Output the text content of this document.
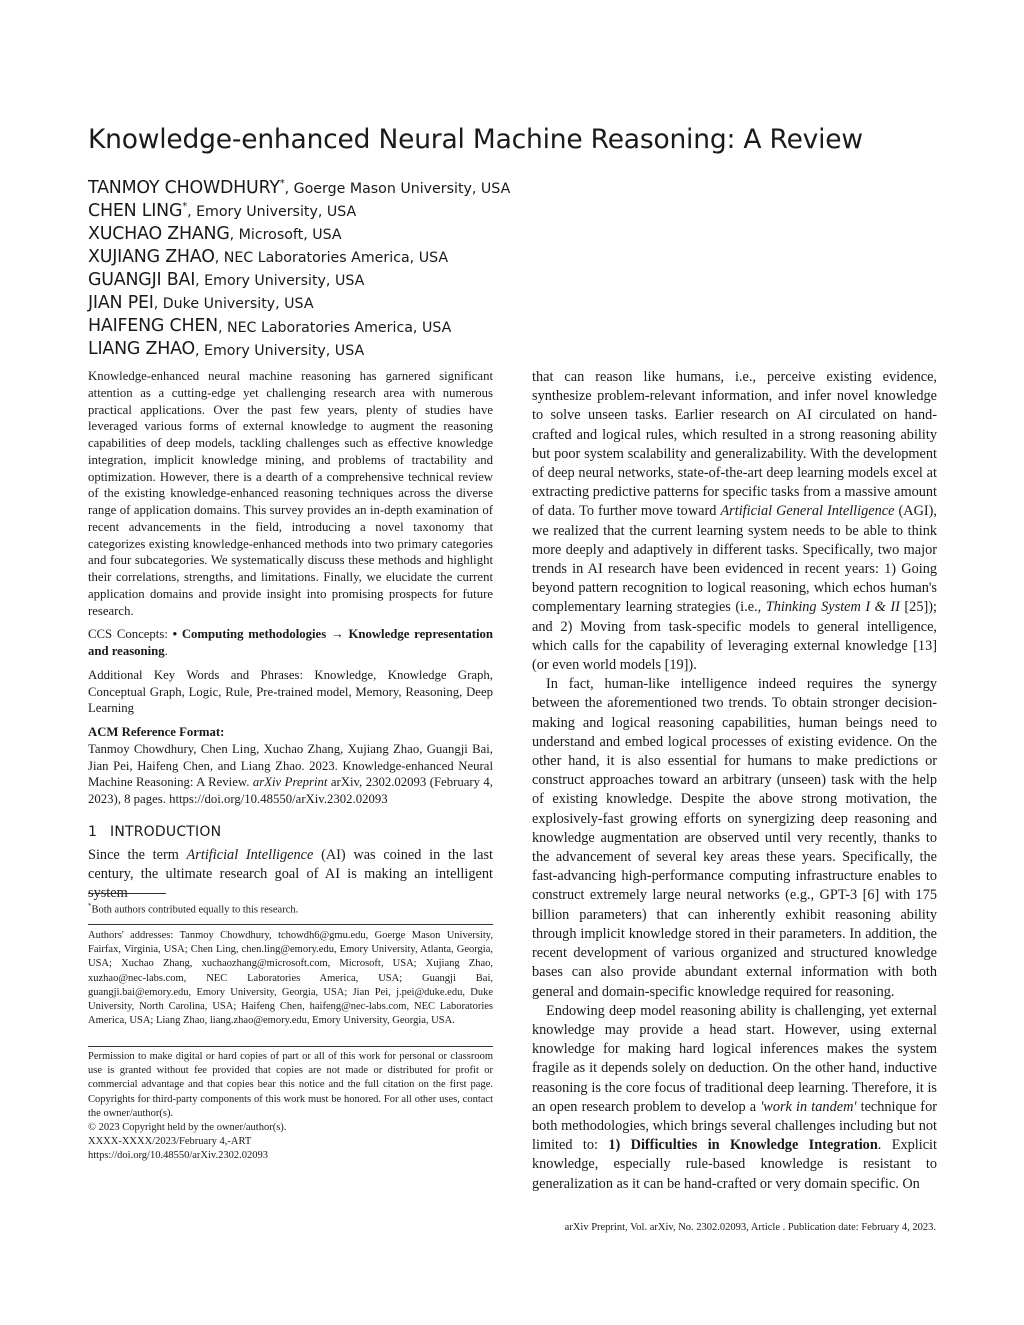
Knowledge-enhanced Neural Machine Reasoning: A Review
TANMOY CHOWDHURY*, Goerge Mason University, USA
CHEN LING*, Emory University, USA
XUCHAO ZHANG, Microsoft, USA
XUJIANG ZHAO, NEC Laboratories America, USA
GUANGJI BAI, Emory University, USA
JIAN PEI, Duke University, USA
HAIFENG CHEN, NEC Laboratories America, USA
LIANG ZHAO, Emory University, USA

Knowledge-enhanced neural machine reasoning has garnered significant attention as a cutting-edge yet challenging research area with numerous practical applications. Over the past few years, plenty of studies have leveraged various forms of external knowledge to augment the reasoning capabilities of deep models, tackling challenges such as effective knowledge integration, implicit knowledge mining, and problems of tractability and optimization. However, there is a dearth of a comprehensive technical review of the existing knowledge-enhanced reasoning techniques across the diverse range of application domains. This survey provides an in-depth examination of recent advancements in the field, introducing a novel taxonomy that categorizes existing knowledge-enhanced methods into two primary categories and four subcategories. We systematically discuss these methods and highlight their correlations, strengths, and limitations. Finally, we elucidate the current application domains and provide insight into promising prospects for future research.

CCS Concepts: • Computing methodologies → Knowledge representation and reasoning.

Additional Key Words and Phrases: Knowledge, Knowledge Graph, Conceptual Graph, Logic, Rule, Pre-trained model, Memory, Reasoning, Deep Learning

ACM Reference Format:

Tanmoy Chowdhury, Chen Ling, Xuchao Zhang, Xujiang Zhao, Guangji Bai, Jian Pei, Haifeng Chen, and Liang Zhao. 2023. Knowledge-enhanced Neural Machine Reasoning: A Review. arXiv Preprint arXiv, 2302.02093 (February 4, 2023), 8 pages. https://doi.org/10.48550/arXiv.2302.02093

1 INTRODUCTION

Since the term Artificial Intelligence (AI) was coined in the last century, the ultimate research goal of AI is making an intelligent system

*Both authors contributed equally to this research.
Authors' addresses: Tanmoy Chowdhury, tchowdh6@gmu.edu, Goerge Mason University, Fairfax, Virginia, USA; Chen Ling, chen.ling@emory.edu, Emory University, Atlanta, Georgia, USA; Xuchao Zhang, xuchaozhang@microsoft.com, Microsoft, USA; Xujiang Zhao, xuzhao@nec-labs.com, NEC Laboratories America, USA; Guangji Bai, guangji.bai@emory.edu, Emory University, Georgia, USA; Jian Pei, j.pei@duke.edu, Duke University, North Carolina, USA; Haifeng Chen, haifeng@nec-labs.com, NEC Laboratories America, USA; Liang Zhao, liang.zhao@emory.edu, Emory University, Georgia, USA.

Permission to make digital or hard copies of part or all of this work for personal or classroom use is granted without fee provided that copies are not made or distributed for profit or commercial advantage and that copies bear this notice and the full citation on the first page. Copyrights for third-party components of this work must be honored. For all other uses, contact the owner/author(s).

© 2023 Copyright held by the owner/author(s).

XXXX-XXXX/2023/February 4,-ART

https://doi.org/10.48550/arXiv.2302.02093

that can reason like humans, i.e., perceive existing evidence, synthesize problem-relevant information, and infer novel knowledge to solve unseen tasks. Earlier research on AI circulated on hand-crafted and logical rules, which resulted in a strong reasoning ability but poor system scalability and generalizability. With the development of deep neural networks, state-of-the-art deep learning models excel at extracting predictive patterns for specific tasks from a massive amount of data. To further move toward Artificial General Intelligence (AGI), we realized that the current learning system needs to be able to think more deeply and adaptively in different tasks. Specifically, two major trends in AI research have been evidenced in recent years: 1) Going beyond pattern recognition to logical reasoning, which echos human's complementary learning strategies (i.e., Thinking System I & II [25]); and 2) Moving from task-specific models to general intelligence, which calls for the capability of leveraging external knowledge [13] (or even world models [19]).

In fact, human-like intelligence indeed requires the synergy between the aforementioned two trends. To obtain stronger decision-making and logical reasoning capabilities, human beings need to understand and embed logical processes of existing evidence. On the other hand, it is also essential for humans to make predictions or construct approaches toward an arbitrary (unseen) task with the help of existing knowledge. Despite the above strong motivation, the explosively-fast growing efforts on synergizing deep reasoning and knowledge augmentation are observed until very recently, thanks to the advancement of several key areas these years. Specifically, the fast-advancing high-performance computing infrastructure enables to construct extremely large neural networks (e.g., GPT-3 [6] with 175 billion parameters) that can inherently exhibit reasoning ability through implicit knowledge stored in their parameters. In addition, the recent development of various organized and structured knowledge bases can also provide abundant external information with both general and domain-specific knowledge required for reasoning.

Endowing deep model reasoning ability is challenging, yet external knowledge may provide a head start. However, using external knowledge for making hard logical inferences makes the system fragile as it depends solely on deduction. On the other hand, inductive reasoning is the core focus of traditional deep learning. Therefore, it is an open research problem to develop a 'work in tandem' technique for both methodologies, which brings several challenges including but not limited to: 1) Difficulties in Knowledge Integration. Explicit knowledge, especially rule-based knowledge is resistant to generalization as it can be hand-crafted or very domain specific. On

arXiv Preprint, Vol. arXiv, No. 2302.02093, Article . Publication date: February 4, 2023.
